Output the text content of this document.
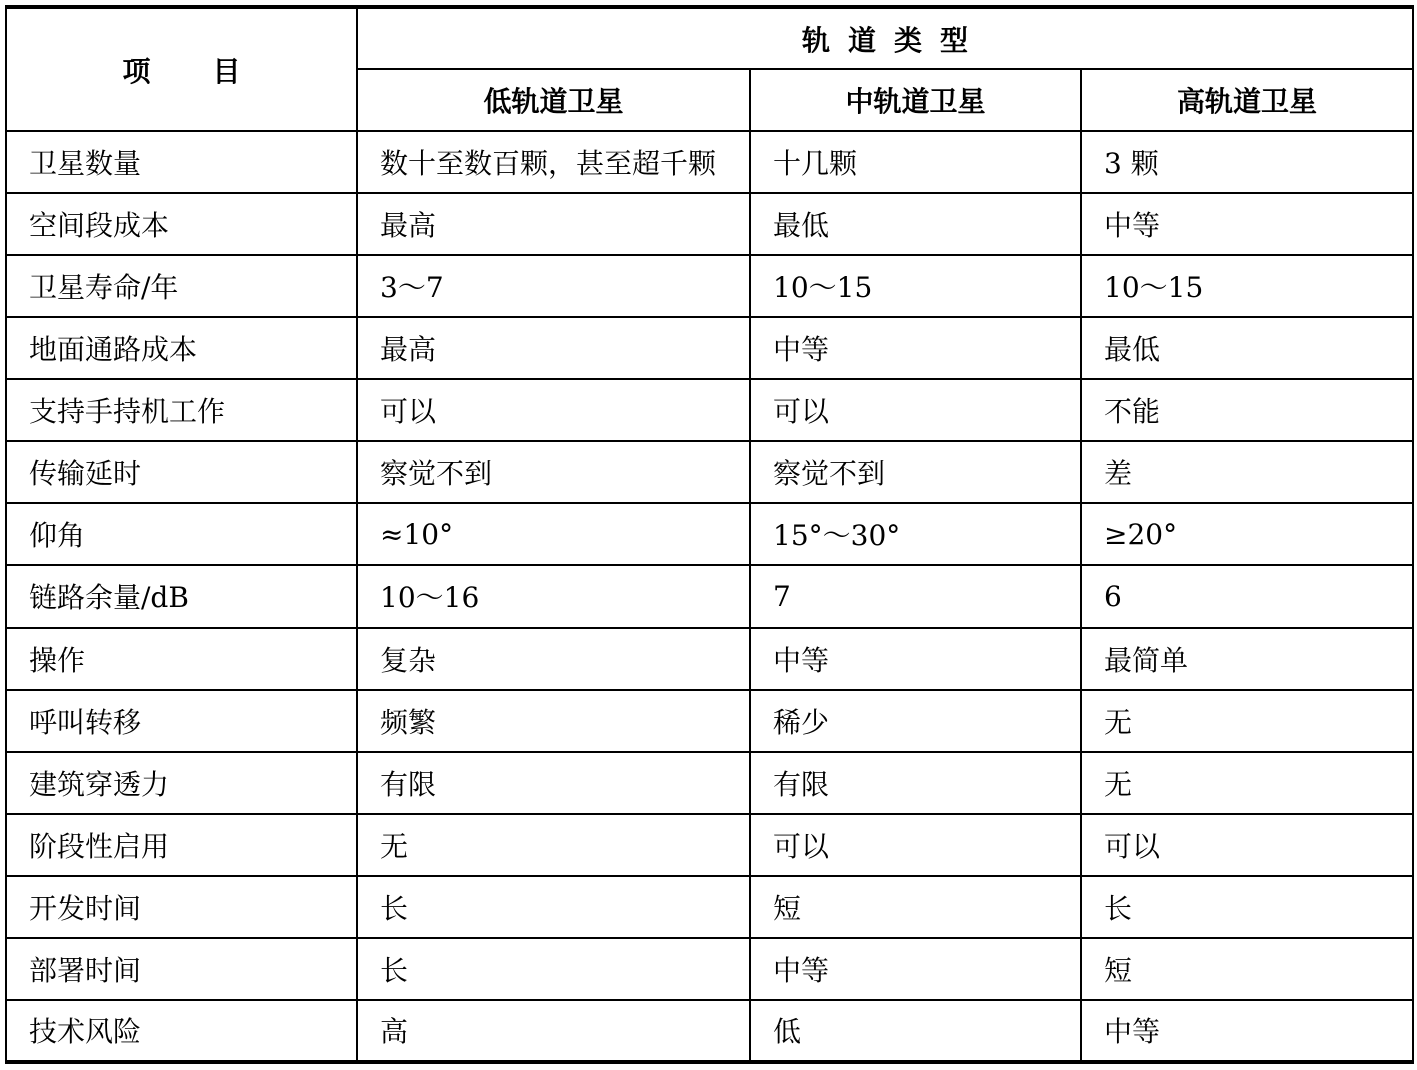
项 目	轨道类型		
	低轨道卫星	中轨道卫星	高轨道卫星
卫星数量	数十至数百颗，甚至超千颗	十几颗	3 颗
空间段成本	最高	最低	中等
卫星寿命/年	3～7	10～15	10～15
地面通路成本	最高	中等	最低
支持手持机工作	可以	可以	不能
传输延时	察觉不到	察觉不到	差
仰角	≈10°	15°～30°	≥20°
链路余量/dB	10～16	7	6
操作	复杂	中等	最简单
呼叫转移	频繁	稀少	无
建筑穿透力	有限	有限	无
阶段性启用	无	可以	可以
开发时间	长	短	长
部署时间	长	中等	短
技术风险	高	低	中等
